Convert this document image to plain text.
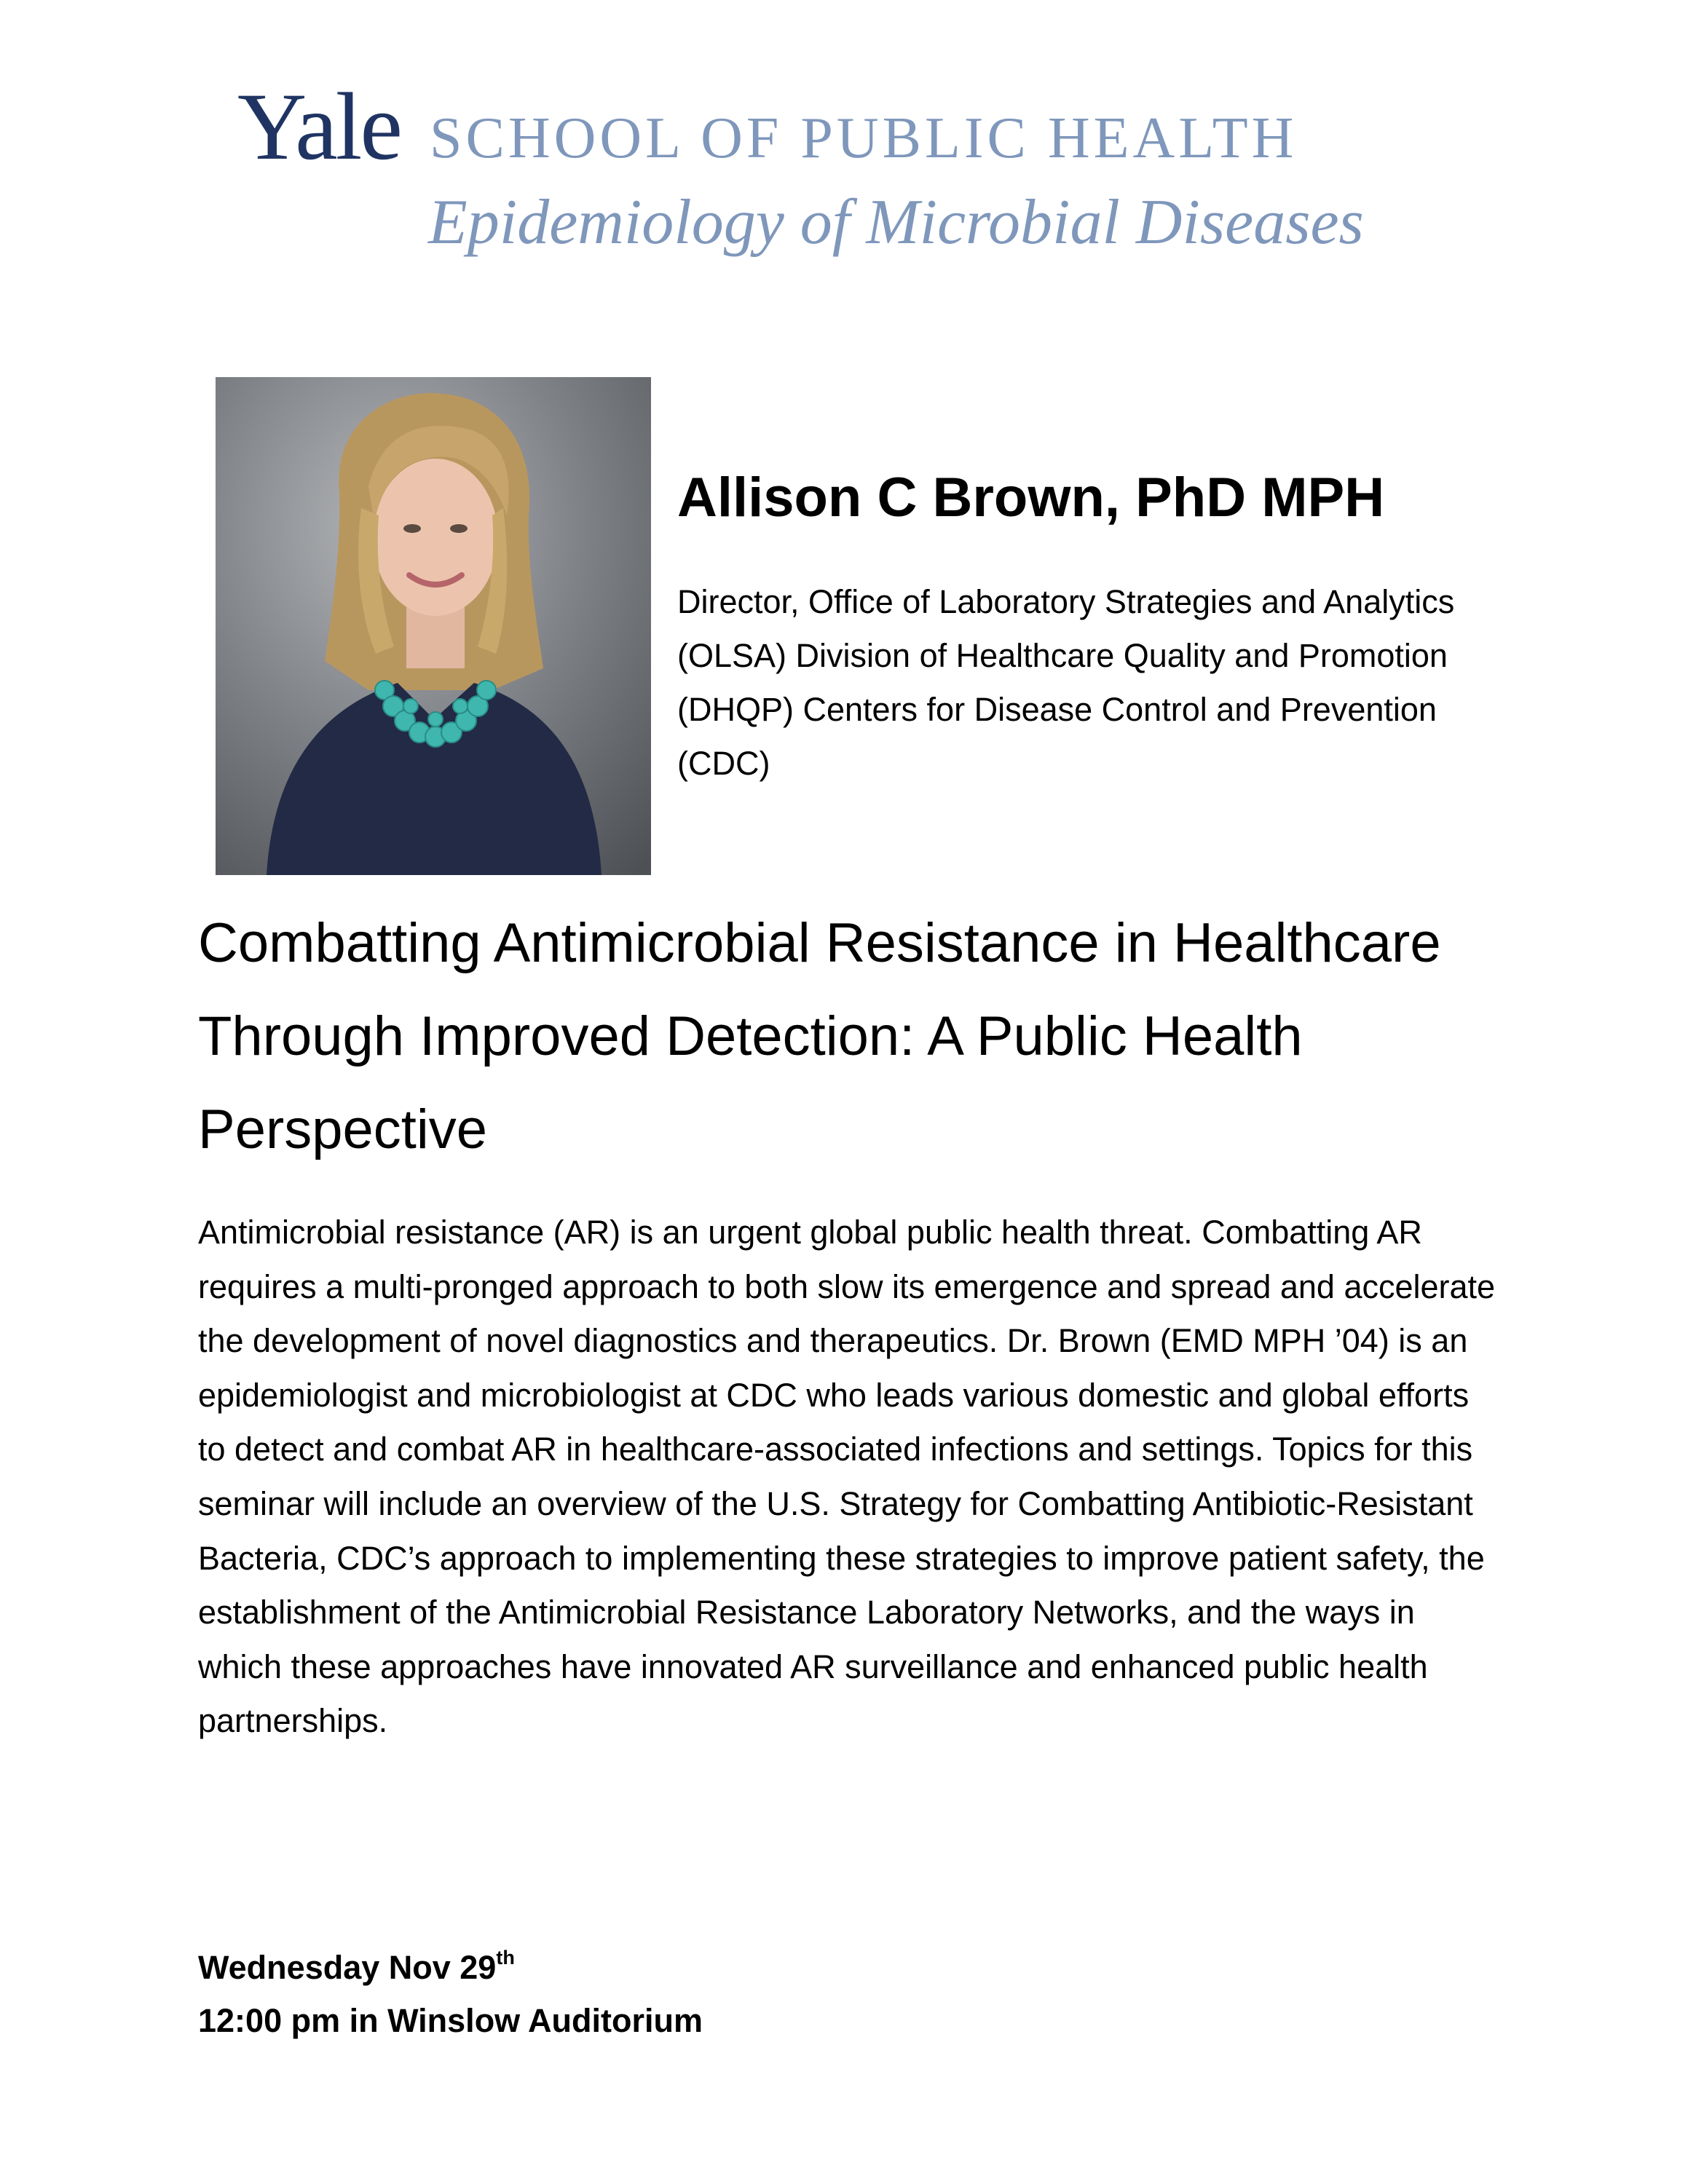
Yale SCHOOL OF PUBLIC HEALTH
Epidemiology of Microbial Diseases
Allison C Brown, PhD MPH
Director, Office of Laboratory Strategies and Analytics (OLSA) Division of Healthcare Quality and Promotion (DHQP) Centers for Disease Control and Prevention (CDC)
Combatting Antimicrobial Resistance in Healthcare Through Improved Detection: A Public Health Perspective
Antimicrobial resistance (AR) is an urgent global public health threat. Combatting AR requires a multi-pronged approach to both slow its emergence and spread and accelerate the development of novel diagnostics and therapeutics. Dr. Brown (EMD MPH ’04) is an epidemiologist and microbiologist at CDC who leads various domestic and global efforts to detect and combat AR in healthcare-associated infections and settings. Topics for this seminar will include an overview of the U.S. Strategy for Combatting Antibiotic-Resistant Bacteria, CDC’s approach to implementing these strategies to improve patient safety, the establishment of the Antimicrobial Resistance Laboratory Networks, and the ways in which these approaches have innovated AR surveillance and enhanced public health partnerships.
Wednesday Nov 29th
12:00 pm in Winslow Auditorium
